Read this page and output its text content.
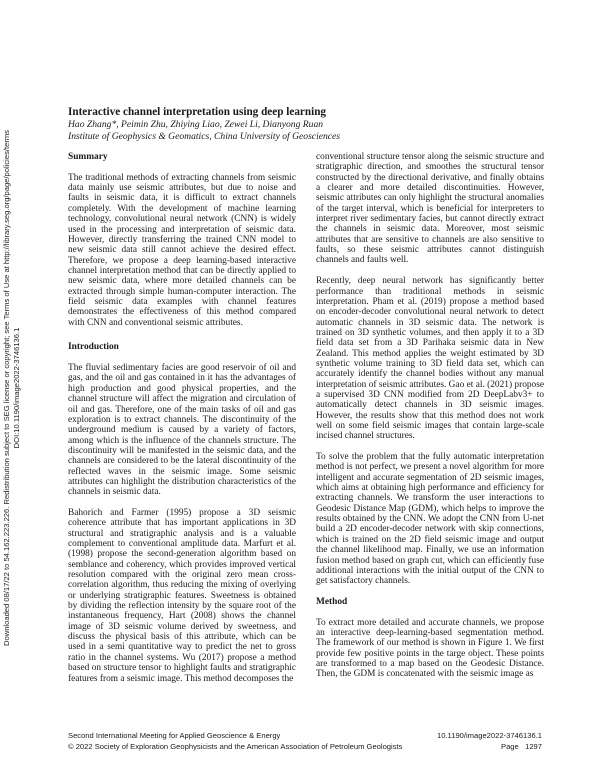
Downloaded 08/17/22 to 54.162.223.226. Redistribution subject to SEG license or copyright; see Terms of Use at http://library.seg.org/page/policies/terms DOI:10.1190/image2022-3746136.1
Interactive channel interpretation using deep learning
Hao Zhang*, Peimin Zhu, Zhiying Liao, Zewei Li, Dianyong Ruan
Institute of Geophysics & Geomatics, China University of Geosciences
Summary

The traditional methods of extracting channels from seismic data mainly use seismic attributes, but due to noise and faults in seismic data, it is difficult to extract channels completely. With the development of machine learning technology, convolutional neural network (CNN) is widely used in the processing and interpretation of seismic data. However, directly transferring the trained CNN model to new seismic data still cannot achieve the desired effect. Therefore, we propose a deep learning-based interactive channel interpretation method that can be directly applied to new seismic data, where more detailed channels can be extracted through simple human-computer interaction. The field seismic data examples with channel features demonstrates the effectiveness of this method compared with CNN and conventional seismic attributes.

Introduction

The fluvial sedimentary facies are good reservoir of oil and gas, and the oil and gas contained in it has the advantages of high production and good physical properties, and the channel structure will affect the migration and circulation of oil and gas. Therefore, one of the main tasks of oil and gas exploration is to extract channels. The discontinuity of the underground medium is caused by a variety of factors, among which is the influence of the channels structure. The discontinuity will be manifested in the seismic data, and the channels are considered to be the lateral discontinuity of the reflected waves in the seismic image. Some seismic attributes can highlight the distribution characteristics of the channels in seismic data.

Bahorich and Farmer (1995) propose a 3D seismic coherence attribute that has important applications in 3D structural and stratigraphic analysis and is a valuable complement to conventional amplitude data. Marfurt et al. (1998) propose the second-generation algorithm based on semblance and coherency, which provides improved vertical resolution compared with the original zero mean cross-correlation algorithm, thus reducing the mixing of overlying or underlying stratigraphic features. Sweetness is obtained by dividing the reflection intensity by the square root of the instantaneous frequency, Hart (2008) shows the channel image of 3D seismic volume derived by sweetness, and discuss the physical basis of this attribute, which can be used in a semi quantitative way to predict the net to gross ratio in the channel systems. Wu (2017) propose a method based on structure tensor to highlight faults and stratigraphic features from a seismic image. This method decomposes the

conventional structure tensor along the seismic structure and stratigraphic direction, and smoothes the structural tensor constructed by the directional derivative, and finally obtains a clearer and more detailed discontinuities. However, seismic attributes can only highlight the structural anomalies of the target interval, which is beneficial for interpreters to interpret river sedimentary facies, but cannot directly extract the channels in seismic data. Moreover, most seismic attributes that are sensitive to channels are also sensitive to faults, so these seismic attributes cannot distinguish channels and faults well.

Recently, deep neural network has significantly better performance than traditional methods in seismic interpretation. Pham et al. (2019) propose a method based on encoder-decoder convolutional neural network to detect automatic channels in 3D seismic data. The network is trained on 3D synthetic volumes, and then apply it to a 3D field data set from a 3D Parihaka seismic data in New Zealand. This method applies the weight estimated by 3D synthetic volume training to 3D field data set, which can accurately identify the channel bodies without any manual interpretation of seismic attributes. Gao et al. (2021) propose a supervised 3D CNN modified from 2D DeepLabv3+ to automatically detect channels in 3D seismic images. However, the results show that this method does not work well on some field seismic images that contain large-scale incised channel structures.

To solve the problem that the fully automatic interpretation method is not perfect, we present a novel algorithm for more intelligent and accurate segmentation of 2D seismic images, which aims at obtaining high performance and efficiency for extracting channels. We transform the user interactions to Geodesic Distance Map (GDM), which helps to improve the results obtained by the CNN. We adopt the CNN from U-net build a 2D encoder-decoder network with skip connections, which is trained on the 2D field seismic image and output the channel likelihood map. Finally, we use an information fusion method based on graph cut, which can efficiently fuse additional interactions with the initial output of the CNN to get satisfactory channels.

Method

To extract more detailed and accurate channels, we propose an interactive deep-learning-based segmentation method. The framework of our method is shown in Figure 1. We first provide few positive points in the targe object. These points are transformed to a map based on the Geodesic Distance. Then, the GDM is concatenated with the seismic image as

Second International Meeting for Applied Geoscience & Energy
© 2022 Society of Exploration Geophysicists and the American Association of Petroleum Geologists
10.1190/image2022-3746136.1
Page 1297
